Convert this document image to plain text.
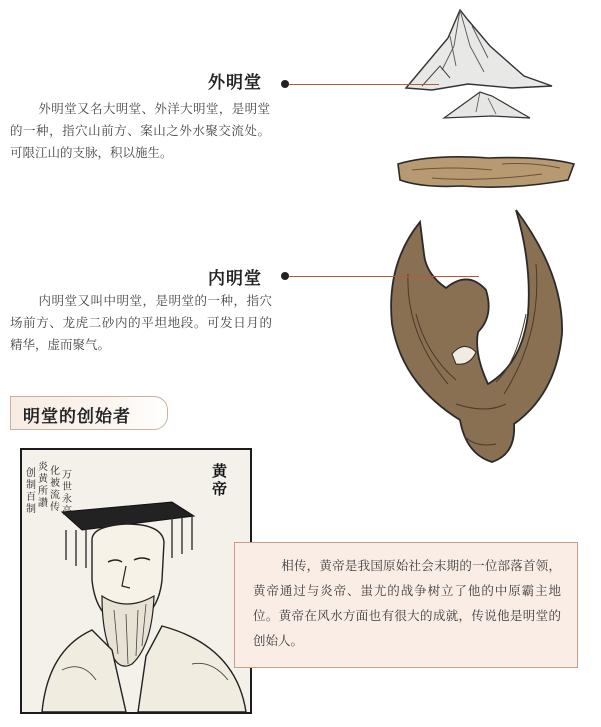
外明堂
外明堂又名大明堂、外洋大明堂，是明堂的一种，指穴山前方、案山之外水聚交流处。可限江山的支脉，积以施生。
内明堂
内明堂又叫中明堂，是明堂的一种，指穴场前方、龙虎二砂内的平坦地段。可发日月的精华，虚而聚气。
明堂的创始者
黄帝
炎黄所讃
创制百制
化被流传
万世永高
相传，黄帝是我国原始社会末期的一位部落首领，黄帝通过与炎帝、蚩尤的战争树立了他的中原霸主地位。黄帝在风水方面也有很大的成就，传说他是明堂的创始人。
